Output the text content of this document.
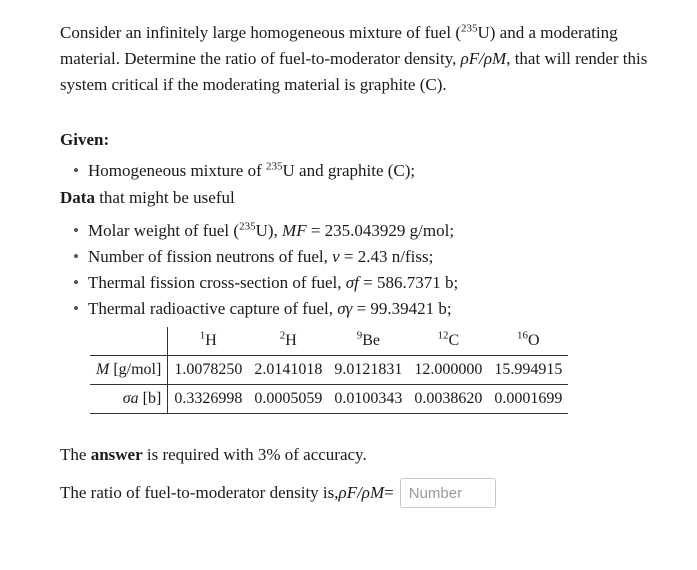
Consider an infinitely large homogeneous mixture of fuel ($^{235}$U) and a moderating material. Determine the ratio of fuel-to-moderator density, ρF/ρM, that will render this system critical if the moderating material is graphite (C).
Given:
• Homogeneous mixture of $^{235}$U and graphite (C);
Data that might be useful
• Molar weight of fuel ($^{235}$U), MF = 235.043929 g/mol;
• Number of fission neutrons of fuel, ν = 2.43 n/fiss;
• Thermal fission cross-section of fuel, σf = 586.7371 b;
• Thermal radioactive capture of fuel, σγ = 99.39421 b;
	$^1$H	$^2$H	$^9$Be	$^{12}$C	$^{16}$O
M [g/mol]	1.0078250	2.0141018	9.0121831	12.000000	15.994915
σa [b]	0.3326998	0.0005059	0.0100343	0.0038620	0.0001699
The answer is required with 3% of accuracy.
The ratio of fuel-to-moderator density is, ρF/ρM =
Number
